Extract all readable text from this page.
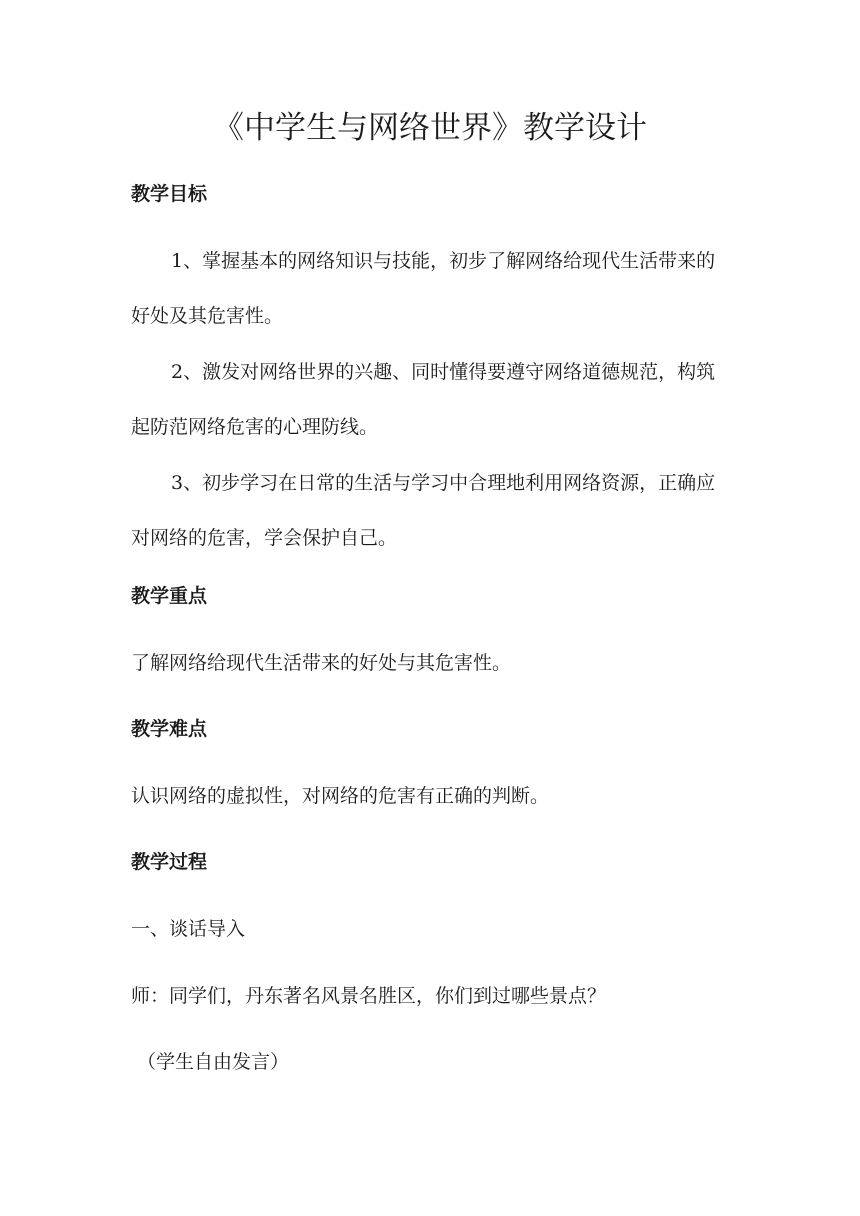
《中学生与网络世界》教学设计
教学目标
1、掌握基本的网络知识与技能，初步了解网络给现代生活带来的好处及其危害性。
2、激发对网络世界的兴趣、同时懂得要遵守网络道德规范，构筑起防范网络危害的心理防线。
3、初步学习在日常的生活与学习中合理地利用网络资源，正确应对网络的危害，学会保护自己。
教学重点
了解网络给现代生活带来的好处与其危害性。
教学难点
认识网络的虚拟性，对网络的危害有正确的判断。
教学过程
一、谈话导入
师：同学们，丹东著名风景名胜区，你们到过哪些景点？
（学生自由发言）
